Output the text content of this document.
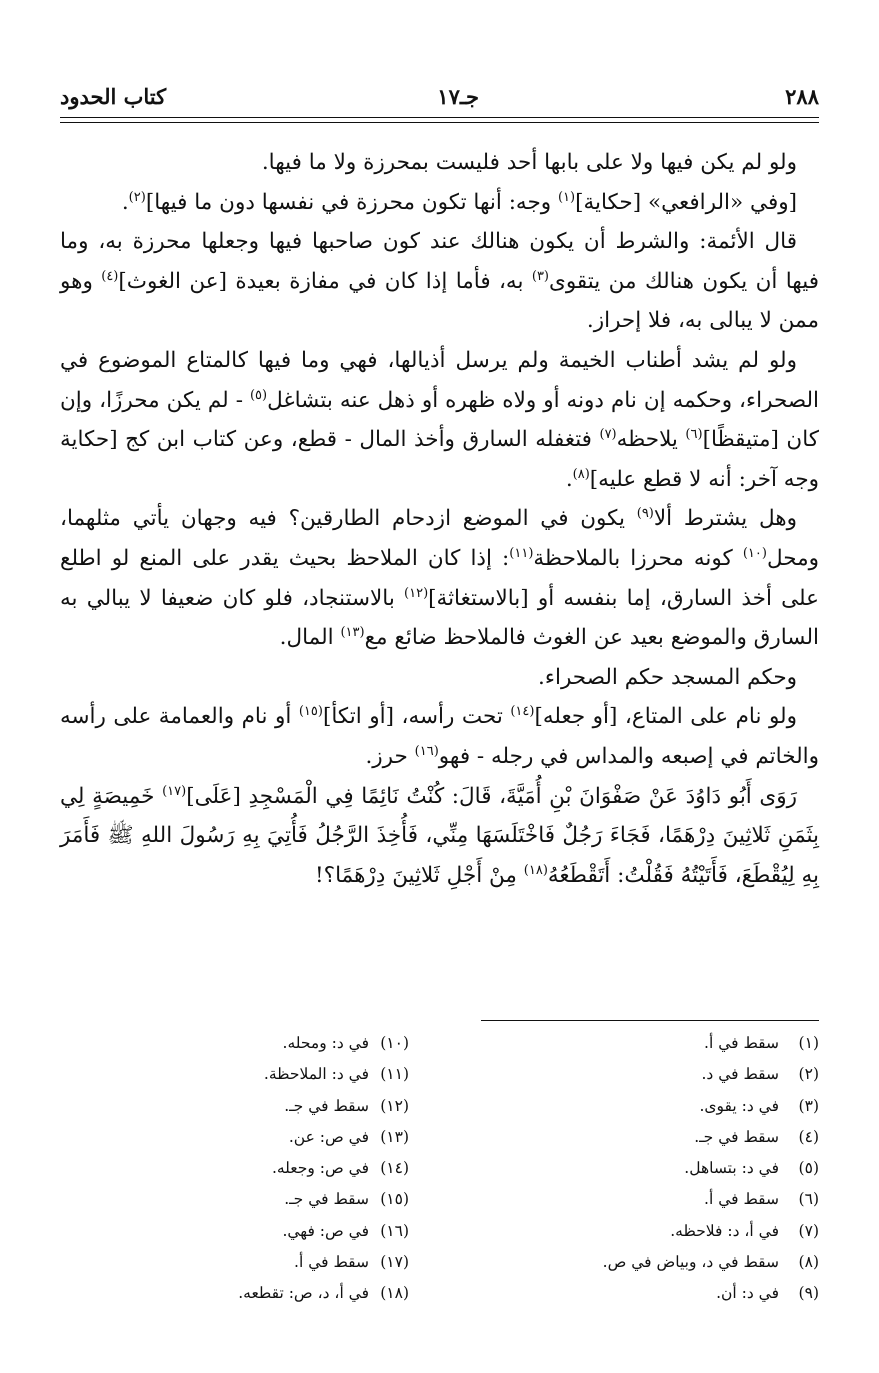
٢٨٨
جـ١٧
كتاب الحدود

ولو لم يكن فيها ولا على بابها أحد فليست بمحرزة ولا ما فيها.

[وفي «الرافعي» [حكاية]$^{(١)}$ وجه: أنها تكون محرزة في نفسها دون ما فيها]$^{(٢)}$.

قال الأئمة: والشرط أن يكون هنالك عند كون صاحبها فيها وجعلها محرزة به، وما فيها أن يكون هنالك من يتقوى$^{(٣)}$ به، فأما إذا كان في مفازة بعيدة [عن الغوث]$^{(٤)}$ وهو ممن لا يبالى به، فلا إحراز.

ولو لم يشد أطناب الخيمة ولم يرسل أذيالها، فهي وما فيها كالمتاع الموضوع في الصحراء، وحكمه إن نام دونه أو ولاه ظهره أو ذهل عنه بتشاغل$^{(٥)}$ - لم يكن محرزًا، وإن كان [متيقظًا]$^{(٦)}$ يلاحظه$^{(٧)}$ فتغفله السارق وأخذ المال - قطع، وعن كتاب ابن كج [حكاية وجه آخر: أنه لا قطع عليه]$^{(٨)}$.

وهل يشترط ألا$^{(٩)}$ يكون في الموضع ازدحام الطارقين؟ فيه وجهان يأتي مثلهما، ومحل$^{(١٠)}$ كونه محرزا بالملاحظة$^{(١١)}$: إذا كان الملاحظ بحيث يقدر على المنع لو اطلع على أخذ السارق، إما بنفسه أو [بالاستغاثة]$^{(١٢)}$ بالاستنجاد، فلو كان ضعيفا لا يبالي به السارق والموضع بعيد عن الغوث فالملاحظ ضائع مع$^{(١٣)}$ المال.

وحكم المسجد حكم الصحراء.

ولو نام على المتاع، [أو جعله]$^{(١٤)}$ تحت رأسه، [أو اتكأ]$^{(١٥)}$ أو نام والعمامة على رأسه والخاتم في إصبعه والمداس في رجله - فهو$^{(١٦)}$ حرز.

رَوَى أَبُو دَاوُدَ عَنْ صَفْوَانَ بْنِ أُمَيَّةَ، قَالَ: كُنْتُ نَائِمًا فِي الْمَسْجِدِ [عَلَى]$^{(١٧)}$ خَمِيصَةٍ لِي بِثَمَنِ ثَلاثِينَ دِرْهَمًا، فَجَاءَ رَجُلٌ فَاخْتَلَسَهَا مِنِّي، فَأُخِذَ الرَّجُلُ فَأُتِيَ بِهِ رَسُولَ اللهِ ﷺ فَأَمَرَ بِهِ لِيُقْطَعَ، فَأَتَيْتُهُ فَقُلْتُ: أَتَقْطَعُهُ$^{(١٨)}$ مِنْ أَجْلِ ثَلاثِينَ دِرْهَمًا؟!

(١)سقط في أ.
(٢)سقط في د.
(٣)في د: يقوى.
(٤)سقط في جـ.
(٥)في د: بتساهل.
(٦)سقط في أ.
(٧)في أ، د: فلاحظه.
(٨)سقط في د، وبياض في ص.
(٩)في د: أن.
(١٠)في د: ومحله.
(١١)في د: الملاحظة.
(١٢)سقط في جـ.
(١٣)في ص: عن.
(١٤)في ص: وجعله.
(١٥)سقط في جـ.
(١٦)في ص: فهي.
(١٧)سقط في أ.
(١٨)في أ، د، ص: تقطعه.
